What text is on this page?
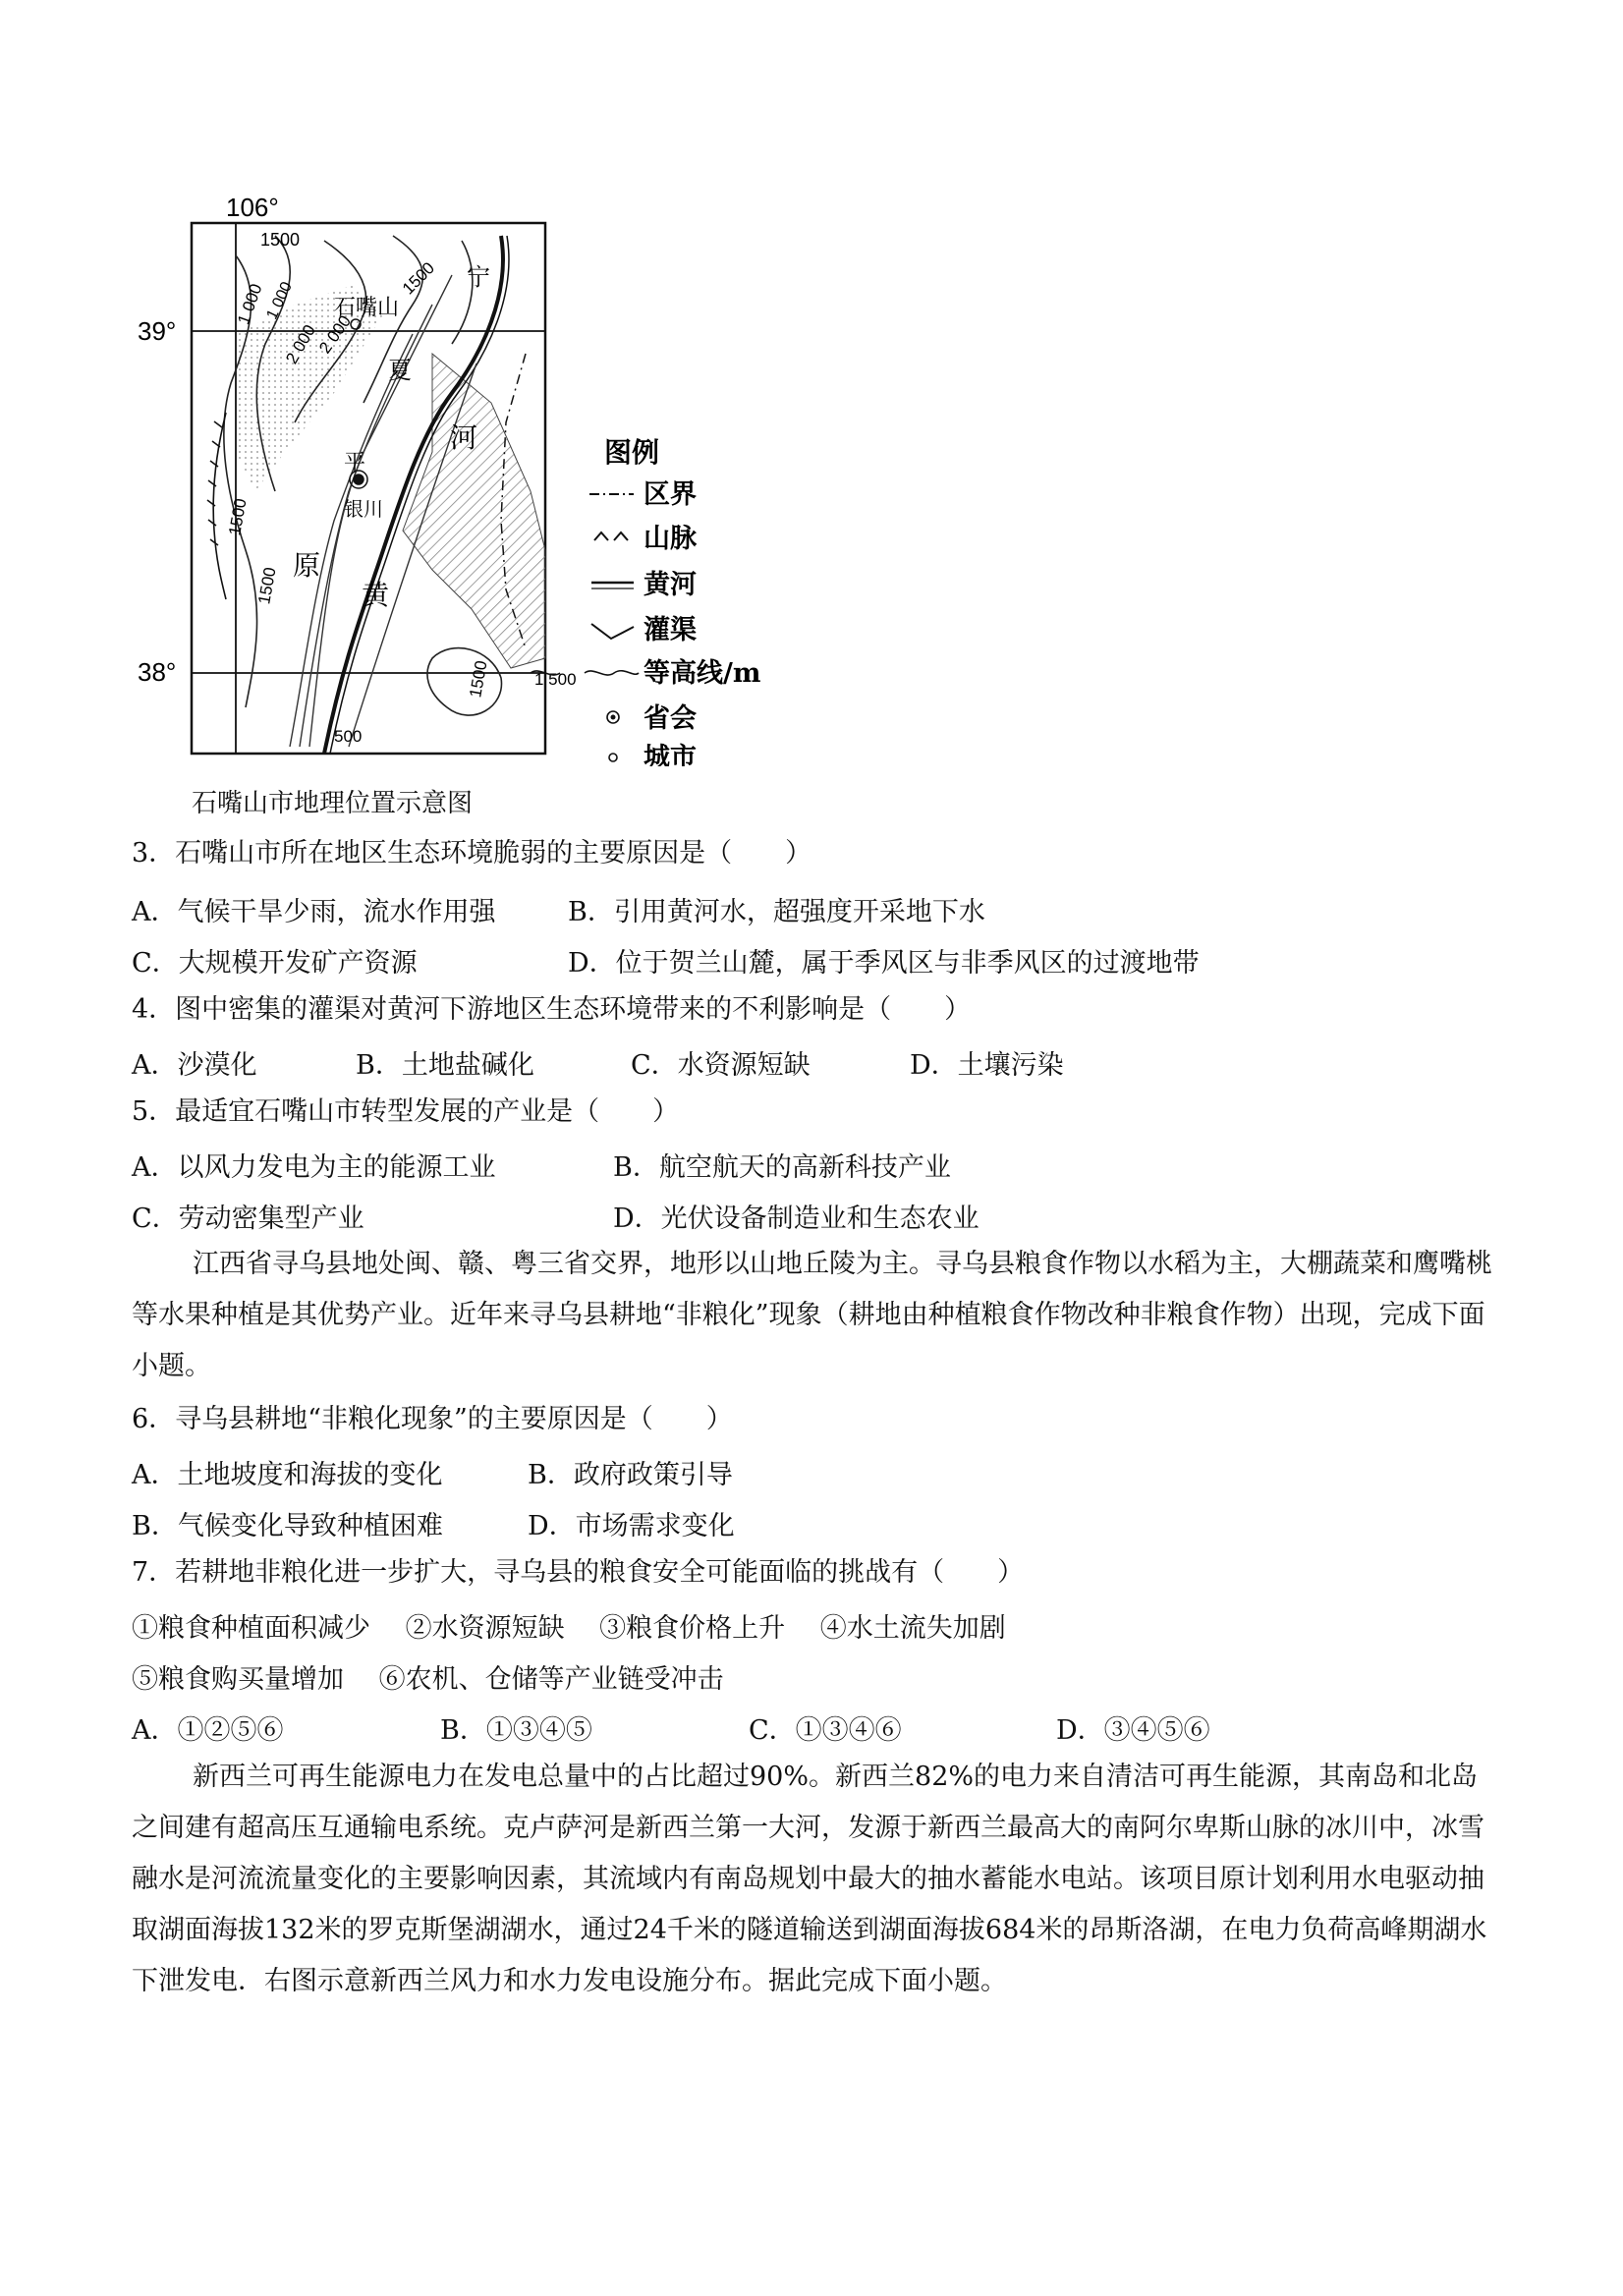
106°
39°
38°
1500
1 000
2 000
1500
2 000
1500
1 000
1500
500
1500
石嘴山
宁
夏
平
银川
原
黄
河	图例
区界
山脉
黄河
灌渠
1 500	等高线/m
省会
城市
石嘴山市地理位置示意图
3．石嘴山市所在地区生态环境脆弱的主要原因是（　　）
A．气候干旱少雨，流水作用强	B．引用黄河水，超强度开采地下水
C．大规模开发矿产资源	D．位于贺兰山麓，属于季风区与非季风区的过渡地带
4．图中密集的灌渠对黄河下游地区生态环境带来的不利影响是（　　）
A．沙漠化	B．土地盐碱化	C．水资源短缺	D．土壤污染
5．最适宜石嘴山市转型发展的产业是（　　）
A．以风力发电为主的能源工业	B．航空航天的高新科技产业
C．劳动密集型产业	D．光伏设备制造业和生态农业
江西省寻乌县地处闽、赣、粤三省交界，地形以山地丘陵为主。寻乌县粮食作物以水稻为主，大棚蔬菜和鹰嘴桃等水果种植是其优势产业。近年来寻乌县耕地“非粮化”现象（耕地由种植粮食作物改种非粮食作物）出现，完成下面小题。
6．寻乌县耕地“非粮化现象”的主要原因是（　　）
A．土地坡度和海拔的变化	B．政府政策引导
B．气候变化导致种植困难	D．市场需求变化
7．若耕地非粮化进一步扩大，寻乌县的粮食安全可能面临的挑战有（　　）
①粮食种植面积减少　 ②水资源短缺　 ③粮食价格上升　 ④水土流失加剧
⑤粮食购买量增加　 ⑥农机、仓储等产业链受冲击
A．①②⑤⑥	B．①③④⑤	C．①③④⑥	D．③④⑤⑥
新西兰可再生能源电力在发电总量中的占比超过90%。新西兰82%的电力来自清洁可再生能源，其南岛和北岛之间建有超高压互通输电系统。克卢萨河是新西兰第一大河，发源于新西兰最高大的南阿尔卑斯山脉的冰川中，冰雪融水是河流流量变化的主要影响因素，其流域内有南岛规划中最大的抽水蓄能水电站。该项目原计划利用水电驱动抽取湖面海拔132米的罗克斯堡湖湖水，通过24千米的隧道输送到湖面海拔684米的昂斯洛湖，在电力负荷高峰期湖水下泄发电．右图示意新西兰风力和水力发电设施分布。据此完成下面小题。
